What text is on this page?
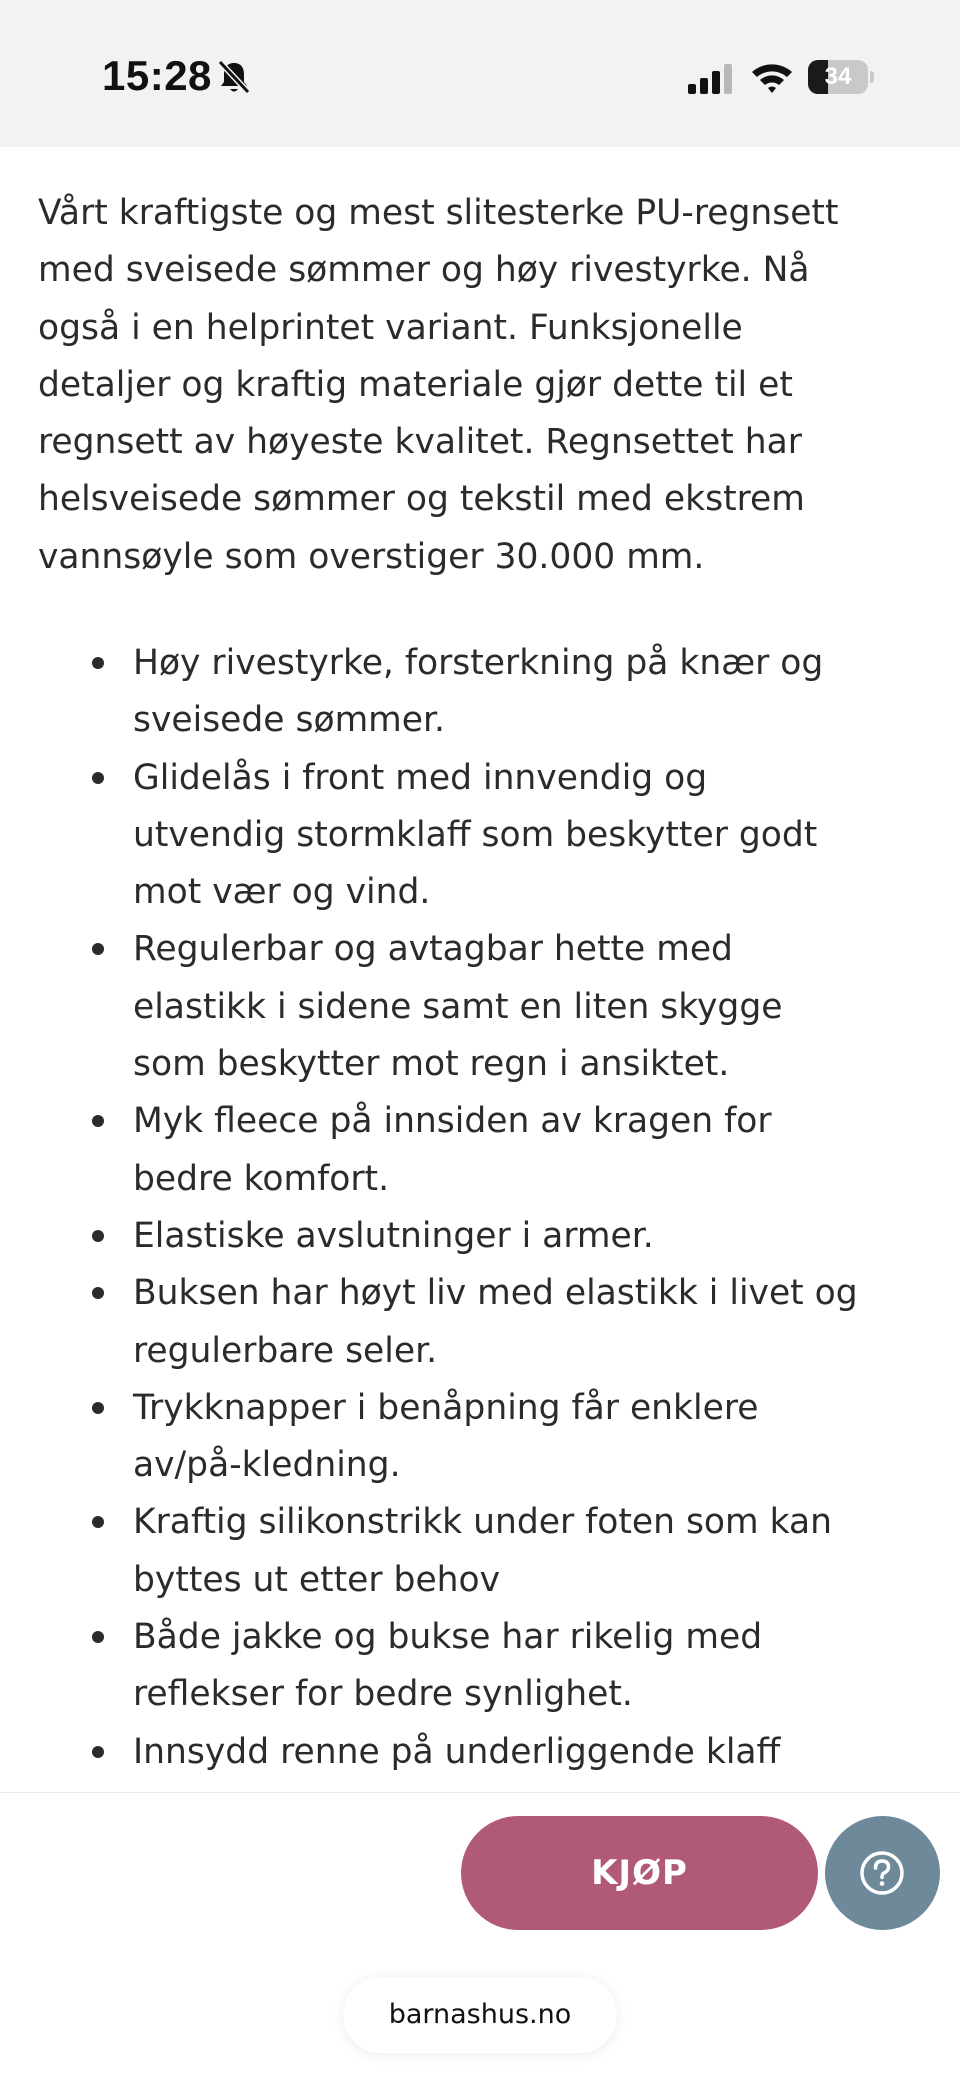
15:28	34
Vårt kraftigste og mest slitesterke PU-regnsett
med sveisede sømmer og høy rivestyrke. Nå
også i en helprintet variant. Funksjonelle
detaljer og kraftig materiale gjør dette til et
regnsett av høyeste kvalitet. Regnsettet har
helsveisede sømmer og tekstil med ekstrem
vannsøyle som overstiger 30.000 mm.
Høy rivestyrke, forsterkning på knær og
sveisede sømmer.
Glidelås i front med innvendig og
utvendig stormklaff som beskytter godt
mot vær og vind.
Regulerbar og avtagbar hette med
elastikk i sidene samt en liten skygge
som beskytter mot regn i ansiktet.
Myk fleece på innsiden av kragen for
bedre komfort.
Elastiske avslutninger i armer.
Buksen har høyt liv med elastikk i livet og
regulerbare seler.
Trykknapper i benåpning får enklere
av/på-kledning.
Kraftig silikonstrikk under foten som kan
byttes ut etter behov
Både jakke og bukse har rikelig med
reflekser for bedre synlighet.
Innsydd renne på underliggende klaff
KJØP
barnashus.no
